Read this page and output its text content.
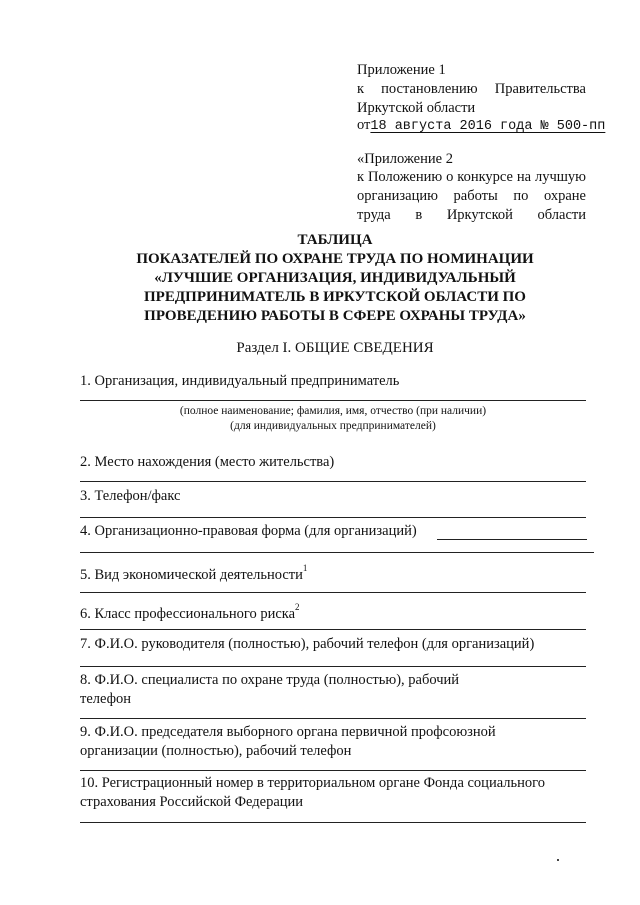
Приложение 1
к постановлению Правительства
Иркутской области
от18 августа 2016 года № 500-пп
«Приложение 2
к Положению о конкурсе на лучшую организацию работы по охране труда в Иркутской области
ТАБЛИЦА
ПОКАЗАТЕЛЕЙ ПО ОХРАНЕ ТРУДА ПО НОМИНАЦИИ
«ЛУЧШИЕ ОРГАНИЗАЦИЯ, ИНДИВИДУАЛЬНЫЙ
ПРЕДПРИНИМАТЕЛЬ В ИРКУТСКОЙ ОБЛАСТИ ПО
ПРОВЕДЕНИЮ РАБОТЫ В СФЕРЕ ОХРАНЫ ТРУДА»
Раздел I. ОБЩИЕ СВЕДЕНИЯ
1. Организация, индивидуальный предприниматель
(полное наименование; фамилия, имя, отчество (при наличии)
(для индивидуальных предпринимателей)
2. Место нахождения (место жительства)
3. Телефон/факс
4. Организационно-правовая форма (для организаций)
5. Вид экономической деятельности$^1$
6. Класс профессионального риска$^2$
7. Ф.И.О. руководителя (полностью), рабочий телефон (для организаций)
8. Ф.И.О. специалиста по охране труда (полностью), рабочий
телефон
9. Ф.И.О. председателя выборного органа первичной профсоюзной
организации (полностью), рабочий телефон
10. Регистрационный номер в территориальном органе Фонда социального
страхования Российской Федерации
